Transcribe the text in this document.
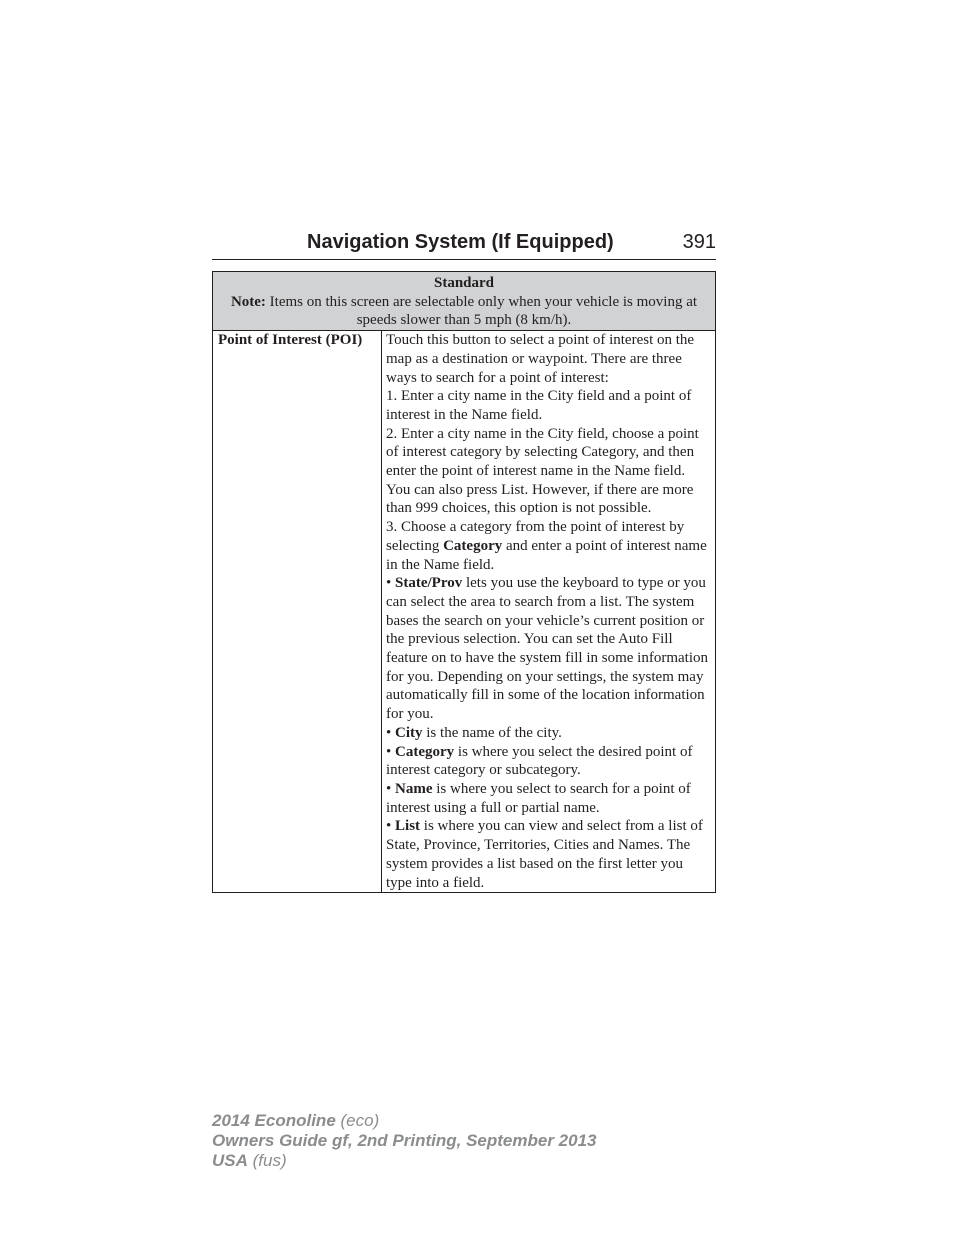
Navigation System (If Equipped)	391
Standard
Note: Items on this screen are selectable only when your vehicle is moving at speeds slower than 5 mph (8 km/h).

Point of Interest (POI)	Touch this button to select a point of interest on the map as a destination or waypoint. There are three ways to search for a point of interest:

1. Enter a city name in the City field and a point of interest in the Name field.

2. Enter a city name in the City field, choose a point of interest category by selecting Category, and then enter the point of interest name in the Name field. You can also press List. However, if there are more than 999 choices, this option is not possible.

3. Choose a category from the point of interest by selecting Category and enter a point of interest name in the Name field.

• State/Prov lets you use the keyboard to type or you can select the area to search from a list. The system bases the search on your vehicle’s current position or the previous selection. You can set the Auto Fill feature on to have the system fill in some information for you. Depending on your settings, the system may automatically fill in some of the location information for you.

• City is the name of the city.

• Category is where you select the desired point of interest category or subcategory.

• Name is where you select to search for a point of interest using a full or partial name.

• List is where you can view and select from a list of State, Province, Territories, Cities and Names. The system provides a list based on the first letter you type into a field.

2014 Econoline (eco)
Owners Guide gf, 2nd Printing, September 2013
USA (fus)
